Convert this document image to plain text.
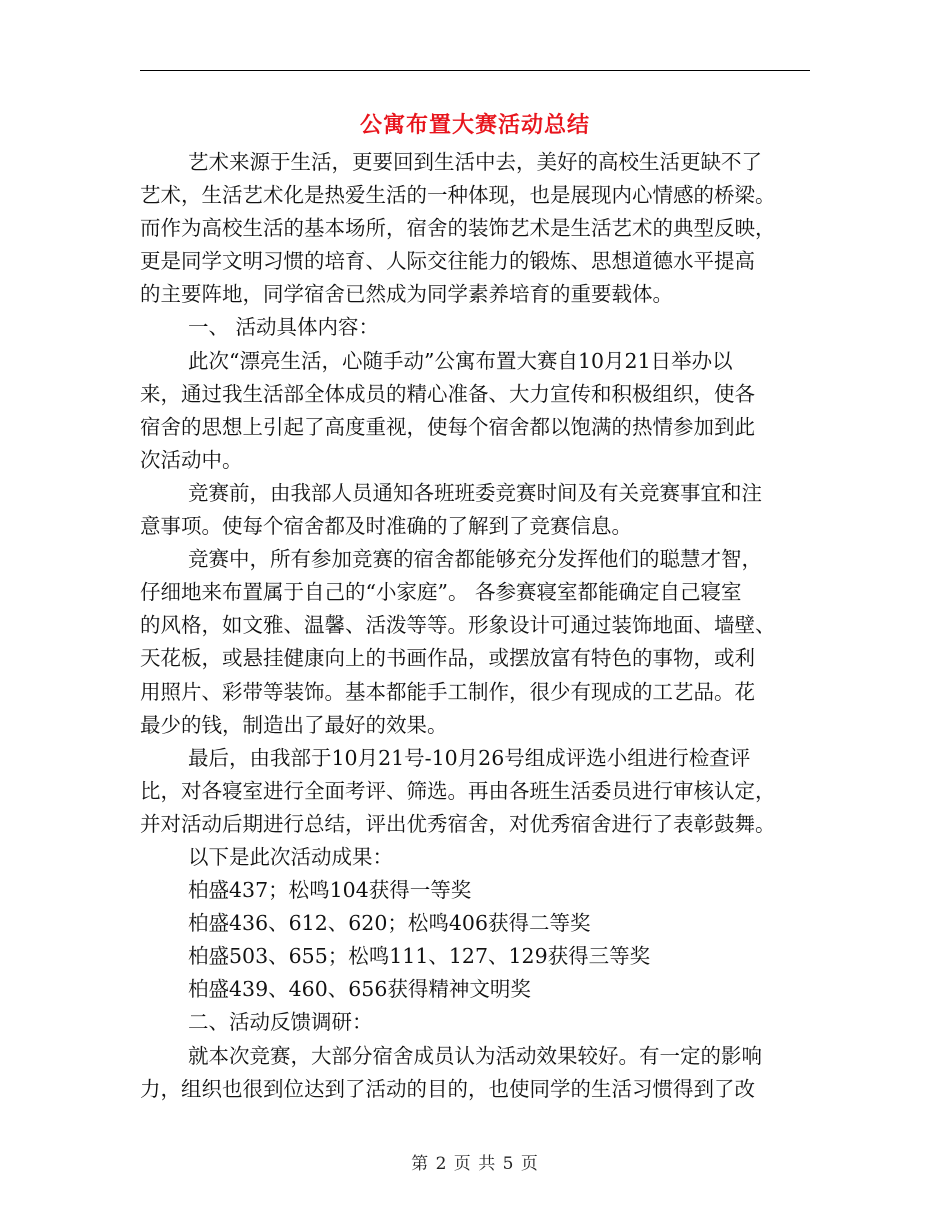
公寓布置大赛活动总结
艺术来源于生活，更要回到生活中去，美好的高校生活更缺不了
艺术，生活艺术化是热爱生活的一种体现，也是展现内心情感的桥梁。
而作为高校生活的基本场所，宿舍的装饰艺术是生活艺术的典型反映，
更是同学文明习惯的培育、人际交往能力的锻炼、思想道德水平提高
的主要阵地，同学宿舍已然成为同学素养培育的重要载体。
一、 活动具体内容：
此次“漂亮生活，心随手动”公寓布置大赛自10月21日举办以
来，通过我生活部全体成员的精心准备、大力宣传和积极组织，使各
宿舍的思想上引起了高度重视，使每个宿舍都以饱满的热情参加到此
次活动中。
竞赛前，由我部人员通知各班班委竞赛时间及有关竞赛事宜和注
意事项。使每个宿舍都及时准确的了解到了竞赛信息。
竞赛中，所有参加竞赛的宿舍都能够充分发挥他们的聪慧才智，
仔细地来布置属于自己的“小家庭”。 各参赛寝室都能确定自己寝室
的风格，如文雅、温馨、活泼等等。形象设计可通过装饰地面、墙壁、
天花板，或悬挂健康向上的书画作品，或摆放富有特色的事物，或利
用照片、彩带等装饰。基本都能手工制作，很少有现成的工艺品。花
最少的钱，制造出了最好的效果。
最后，由我部于10月21号-10月26号组成评选小组进行检查评
比，对各寝室进行全面考评、筛选。再由各班生活委员进行审核认定，
并对活动后期进行总结，评出优秀宿舍，对优秀宿舍进行了表彰鼓舞。
以下是此次活动成果：
柏盛437；松鸣104获得一等奖
柏盛436、612、620；松鸣406获得二等奖
柏盛503、655；松鸣111、127、129获得三等奖
柏盛439、460、656获得精神文明奖
二、活动反馈调研：
就本次竞赛，大部分宿舍成员认为活动效果较好。有一定的影响
力，组织也很到位达到了活动的目的，也使同学的生活习惯得到了改
第 2 页 共 5 页
